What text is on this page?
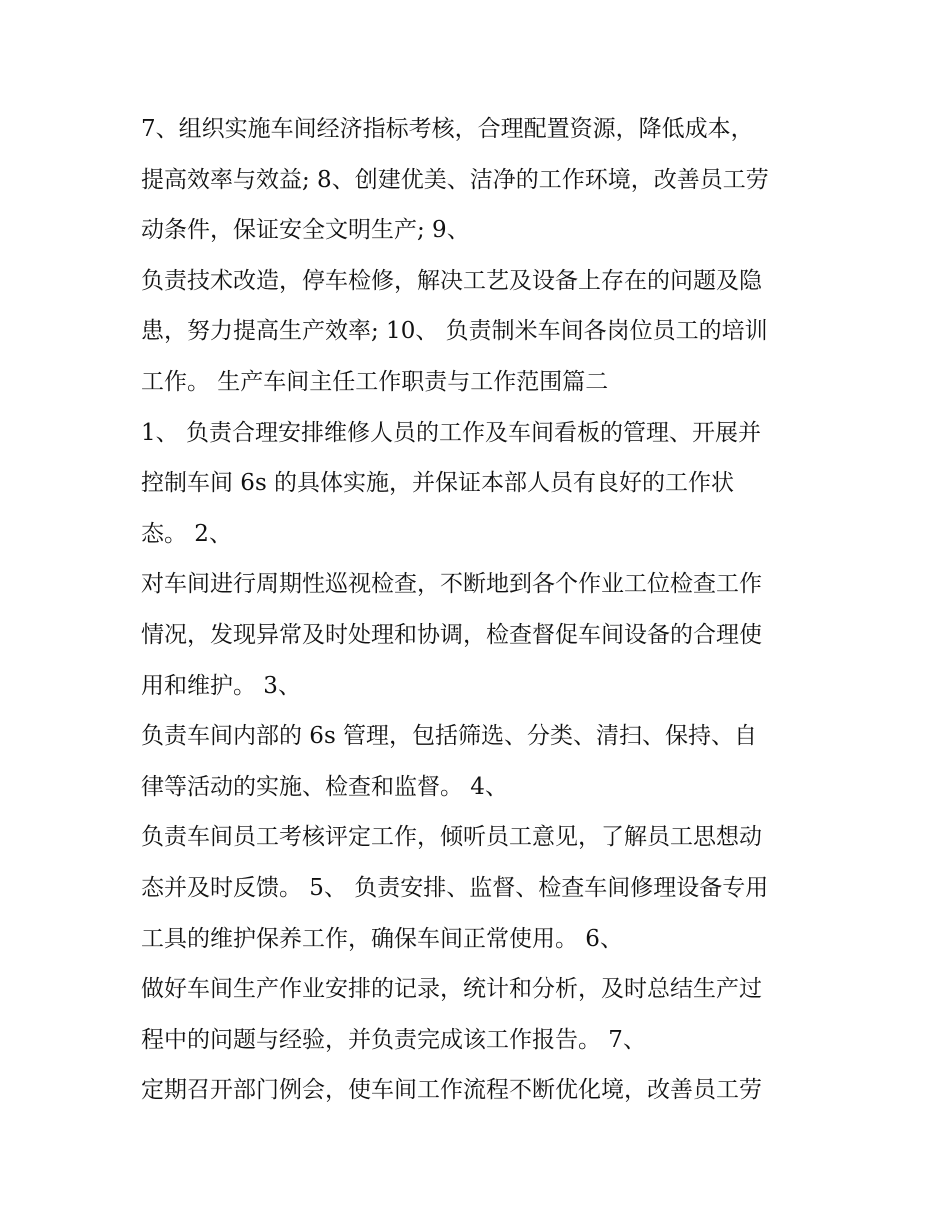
7、组织实施车间经济指标考核，合理配置资源，降低成本，
提高效率与效益; 8、创建优美、洁净的工作环境，改善员工劳
动条件，保证安全文明生产; 9、
负责技术改造，停车检修，解决工艺及设备上存在的问题及隐
患，努力提高生产效率; 10、 负责制米车间各岗位员工的培训
工作。 生产车间主任工作职责与工作范围篇二
1、 负责合理安排维修人员的工作及车间看板的管理、开展并
控制车间 6s 的具体实施，并保证本部人员有良好的工作状
态。 2、
对车间进行周期性巡视检查，不断地到各个作业工位检查工作
情况，发现异常及时处理和协调，检查督促车间设备的合理使
用和维护。 3、
负责车间内部的 6s 管理，包括筛选、分类、清扫、保持、自
律等活动的实施、检查和监督。 4、
负责车间员工考核评定工作，倾听员工意见，了解员工思想动
态并及时反馈。 5、 负责安排、监督、检查车间修理设备专用
工具的维护保养工作，确保车间正常使用。 6、
做好车间生产作业安排的记录，统计和分析，及时总结生产过
程中的问题与经验，并负责完成该工作报告。 7、
定期召开部门例会，使车间工作流程不断优化境，改善员工劳
